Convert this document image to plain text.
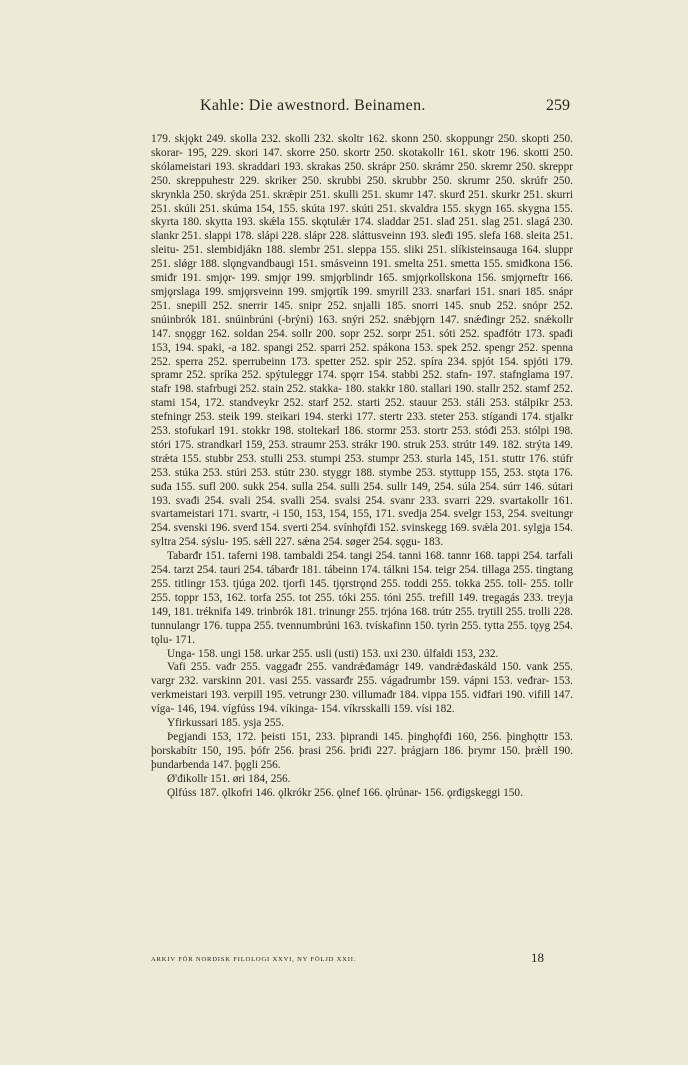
Kahle: Die awestnord. Beinamen.	259

179. skjǫkt 249. skolla 232. skolli 232. skoltr 162. skonn 250. skoppungr 250. skopti 250. skorar- 195, 229. skori 147. skorre 250. skortr 250. skotakollr 161. skotr 196. skotti 250. skólameistari 193. skraddari 193. skrakas 250. skrápr 250. skrámr 250. skremr 250. skreppr 250. skreppuhestr 229. skriker 250. skrubbi 250. skrubbr 250. skrumr 250. skrúfr 250. skrynkla 250. skrýda 251. skrǽpir 251. skulli 251. skumr 147. skurđ 251. skurkr 251. skurri 251. skúli 251. skúma 154, 155. skúta 197. skúti 251. skvaldra 155. skygn 165. skygna 155. skyrta 180. skytta 193. skǽla 155. skǫtulǽr 174. sladdar 251. slađ 251. slag 251. slagá 230. slankr 251. slappi 178. slápi 228. slápr 228. sláttusveinn 193. sleđi 195. slefa 168. sleita 251. sleitu- 251. slembidjákn 188. slembr 251. sleppa 155. sliki 251. slíkisteinsauga 164. sluppr 251. slǿgr 188. slǫngvandbaugi 151. smásveinn 191. smelta 251. smetta 155. smiđkona 156. smiđr 191. smjǫr- 199. smjǫr 199. smjǫrblindr 165. smjǫrkollskona 156. smjǫrneftr 166. smjǫrslaga 199. smjǫrsveinn 199. smjǫrtík 199. smyrill 233. snarfari 151. snari 185. snápr 251. snepill 252. snerrir 145. snipr 252. snjalli 185. snorri 145. snub 252. snópr 252. snúinbrók 181. snúinbrúni (-brýni) 163. snýri 252. snǽbjǫrn 147. snǽđingr 252. snǽkollr 147. snǫggr 162. soldan 254. sollr 200. sopr 252. sorpr 251. sóti 252. spađfótr 173. spađi 153, 194. spaki, -a 182. spangi 252. sparri 252. spákona 153. spek 252. spengr 252. spenna 252. sperra 252. sperrubeinn 173. spetter 252. spir 252. spíra 234. spjót 154. spjóti 179. spramr 252. spríka 252. spýtuleggr 174. spǫrr 154. stabbi 252. stafn- 197. stafnglama 197. stafr 198. stafrbugi 252. stain 252. stakka- 180. stakkr 180. stallari 190. stallr 252. stamf 252. stami 154, 172. standveykr 252. starf 252. starti 252. stauur 253. stáli 253. stálpikr 253. stefningr 253. steik 199. steikari 194. sterki 177. stertr 233. steter 253. stígandi 174. stjalkr 253. stofukarl 191. stokkr 198. stoltekarl 186. stormr 253. stortr 253. stóđi 253. stólpi 198. stóri 175. strandkarl 159, 253. straumr 253. strákr 190. struk 253. strútr 149. 182. strýta 149. strǽta 155. stubbr 253. stulli 253. stumpi 253. stumpr 253. sturla 145, 151. stuttr 176. stúfr 253. stúka 253. stúri 253. stútr 230. styggr 188. stymbe 253. styttupp 155, 253. stǫta 176. suđa 155. sufl 200. sukk 254. sulla 254. sulli 254. sullr 149, 254. súla 254. súrr 146. sútari 193. svađi 254. svali 254. svalli 254. svalsi 254. svanr 233. svarri 229. svartakollr 161. svartameistari 171. svartr, -i 150, 153, 154, 155, 171. svedja 254. svelgr 153, 254. sveitungr 254. svenski 196. sverđ 154. sverti 254. svínhǫfđi 152. svinskegg 169. svǽla 201. sylgja 154. syltra 254. sýslu- 195. sǽll 227. sǽna 254. søger 254. sǫgu- 183.

Tabarđr 151. taferni 198. tambaldi 254. tangi 254. tanni 168. tannr 168. tappi 254. tarfali 254. tarzt 254. tauri 254. tábarđr 181. tábeinn 174. tálkni 154. teigr 254. tillaga 255. tingtang 255. titlingr 153. tjúga 202. tjorfi 145. tjǫrstrǫnd 255. toddi 255. tokka 255. toll- 255. tollr 255. toppr 153, 162. torfa 255. tot 255. tóki 255. tóni 255. trefill 149. tregagás 233. treyja 149, 181. tréknifa 149. trinbrók 181. trinungr 255. trjóna 168. trútr 255. trytill 255. trolli 228. tunnulangr 176. tuppa 255. tvennumbrúni 163. tvískafinn 150. tyrin 255. tytta 255. tǫyg 254. tǫlu- 171.

Unga- 158. ungi 158. urkar 255. usli (usti) 153. uxi 230. úlfaldi 153, 232.

Vafi 255. vađr 255. vaggađr 255. vandrǽđamágr 149. vandrǽđaskáld 150. vank 255. vargr 232. varskinn 201. vasi 255. vassarđr 255. vágadrumbr 159. vápni 153. veđrar- 153. verkmeistari 193. verpill 195. vetrungr 230. villumađr 184. vippa 155. viđfari 190. vifill 147. víga- 146, 194. vígfúss 194. víkinga- 154. víkrsskalli 159. vísi 182.

Yfirkussari 185. ysja 255.

Þegjandi 153, 172. þeisti 151, 233. þiprandi 145. þinghǫfđi 160, 256. þinghǫttr 153. þorskabítr 150, 195. þófr 256. þrasi 256. þriđi 227. þrágjarn 186. þrymr 150. þrǽll 190. þundarbenda 147. þǫgli 256.

Ø'đikollr 151. øri 184, 256.

Ǫlfúss 187. ǫlkofri 146. ǫlkrókr 256. ǫlnef 166. ǫlrúnar- 156. ǫrđigskeggi 150.

ARKIV FÖR NORDISK FILOLOGI XXVI, NY FÖLJD XXII.	18
